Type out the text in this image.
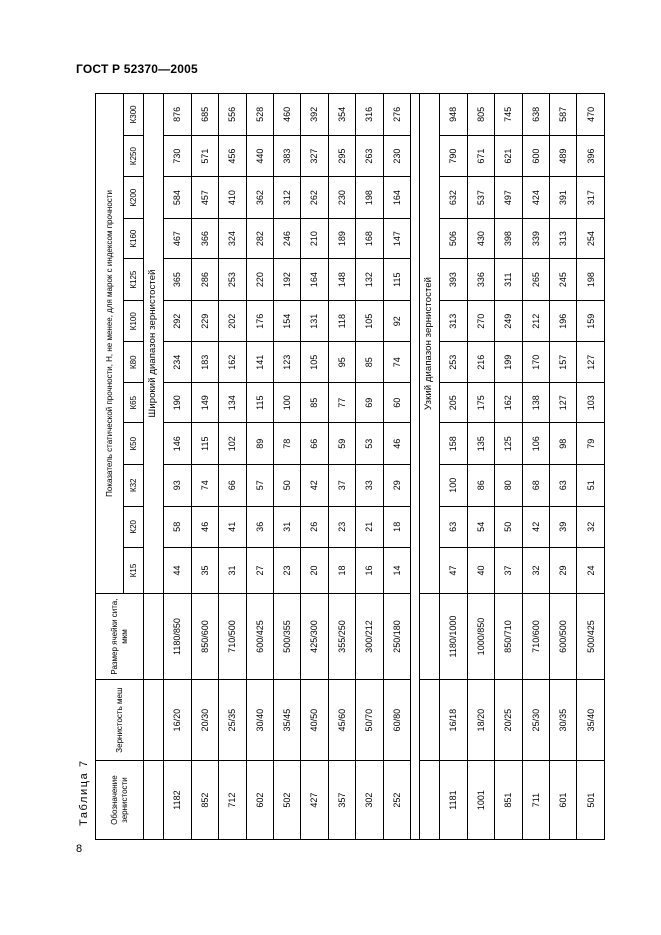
ГОСТ Р 52370—2005
Таблица 7
8
Обозначение зернистости	Зернистость меш	Размер ячейки сита, мкм	Показатель статической прочности, Н, не менее, для марок с индексом прочности											
			К15	К20	К32	К50	К65	К80	К100	К125	К160	К200	К250	К300
			Широкий диапазон зернистостей											
1182	16/20	1180/850	44	58	93	146	190	234	292	365	467	584	730	876
852	20/30	850/600	35	46	74	115	149	183	229	286	366	457	571	685
712	25/35	710/500	31	41	66	102	134	162	202	253	324	410	456	556
602	30/40	600/425	27	36	57	89	115	141	176	220	282	362	440	528
502	35/45	500/355	23	31	50	78	100	123	154	192	246	312	383	460
427	40/50	425/300	20	26	42	66	85	105	131	164	210	262	327	392
357	45/60	355/250	18	23	37	59	77	95	118	148	189	230	295	354
302	50/70	300/212	16	21	33	53	69	85	105	132	168	198	263	316
252	60/80	250/180	14	18	29	46	60	74	92	115	147	164	230	276

			Узкий диапазон зернистостей											
1181	16/18	1180/1000	47	63	100	158	205	253	313	393	506	632	790	948
1001	18/20	1000/850	40	54	86	135	175	216	270	336	430	537	671	805
851	20/25	850/710	37	50	80	125	162	199	249	311	398	497	621	745
711	25/30	710/600	32	42	68	106	138	170	212	265	339	424	600	638
601	30/35	600/500	29	39	63	98	127	157	196	245	313	391	489	587
501	35/40	500/425	24	32	51	79	103	127	159	198	254	317	396	470
